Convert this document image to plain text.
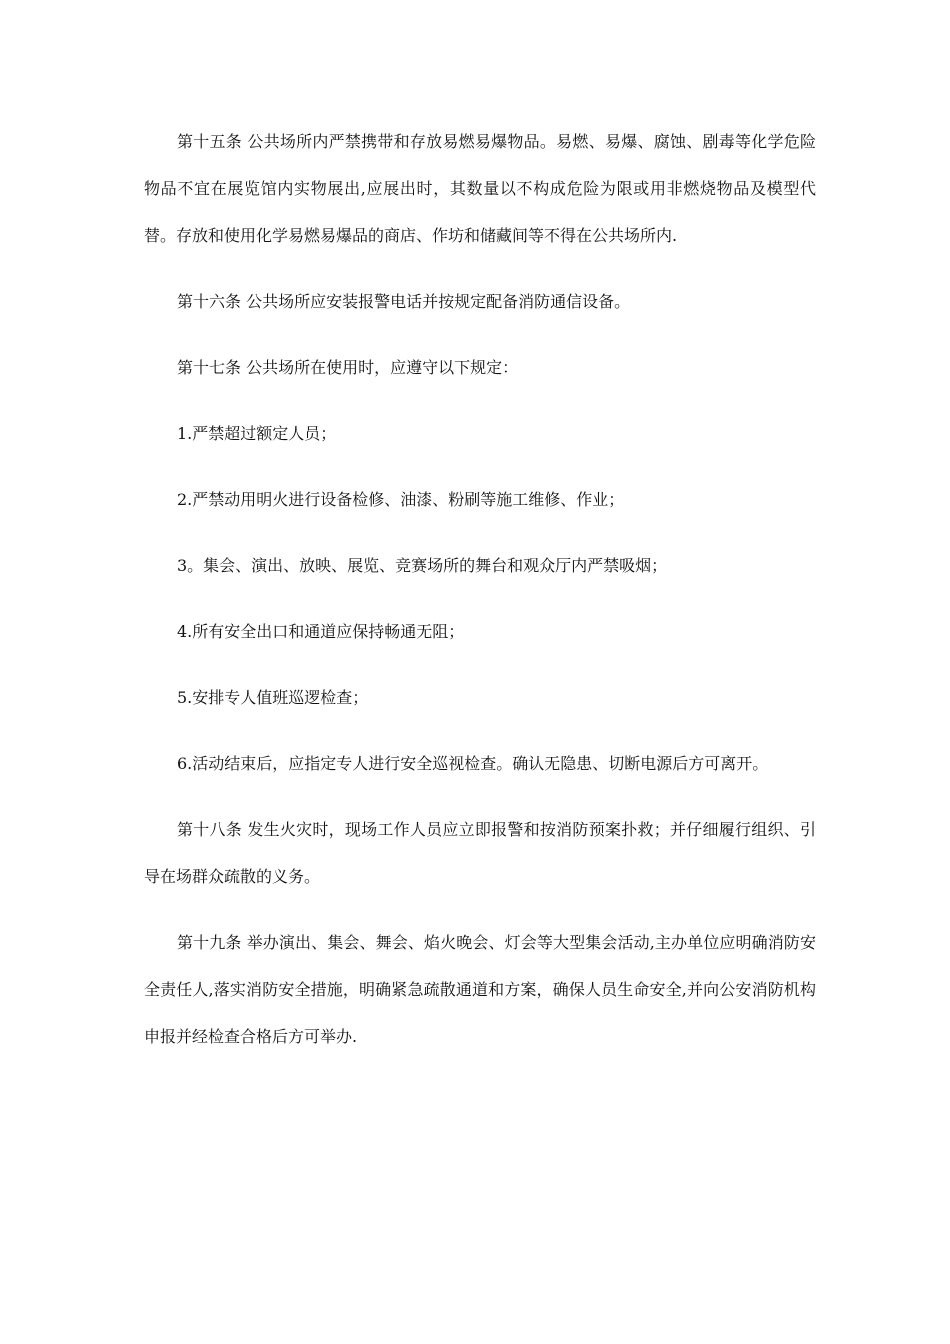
第十五条 公共场所内严禁携带和存放易燃易爆物品。易燃、易爆、腐蚀、剧毒等化学危险物品不宜在展览馆内实物展出,应展出时，其数量以不构成危险为限或用非燃烧物品及模型代替。存放和使用化学易燃易爆品的商店、作坊和储藏间等不得在公共场所内.

第十六条 公共场所应安装报警电话并按规定配备消防通信设备。

第十七条 公共场所在使用时，应遵守以下规定：

1.严禁超过额定人员；

2.严禁动用明火进行设备检修、油漆、粉刷等施工维修、作业；

3。集会、演出、放映、展览、竞赛场所的舞台和观众厅内严禁吸烟；

4.所有安全出口和通道应保持畅通无阻；

5.安排专人值班巡逻检查；

6.活动结束后，应指定专人进行安全巡视检查。确认无隐患、切断电源后方可离开。

第十八条 发生火灾时，现场工作人员应立即报警和按消防预案扑救；并仔细履行组织、引导在场群众疏散的义务。

第十九条 举办演出、集会、舞会、焰火晚会、灯会等大型集会活动,主办单位应明确消防安全责任人,落实消防安全措施，明确紧急疏散通道和方案，确保人员生命安全,并向公安消防机构申报并经检查合格后方可举办.
